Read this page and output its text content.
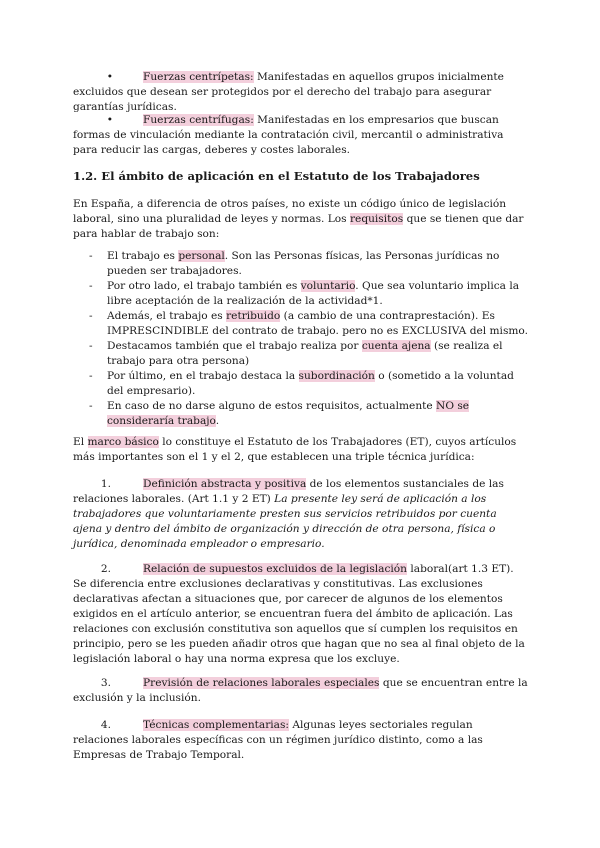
•	Fuerzas centrípetas: Manifestadas en aquellos grupos inicialmente excluidos que desean ser protegidos por el derecho del trabajo para asegurar garantías jurídicas.

•	Fuerzas centrífugas: Manifestadas en los empresarios que buscan formas de vinculación mediante la contratación civil, mercantil o administrativa para reducir las cargas, deberes y costes laborales.

1.2. El ámbito de aplicación en el Estatuto de los Trabajadores

En España, a diferencia de otros países, no existe un código único de legislación laboral, sino una pluralidad de leyes y normas. Los requisitos que se tienen que dar para hablar de trabajo son:

- El trabajo es personal. Son las Personas físicas, las Personas jurídicas no pueden ser trabajadores.
- Por otro lado, el trabajo también es voluntario. Que sea voluntario implica la libre aceptación de la realización de la actividad*1.
- Además, el trabajo es retribuido (a cambio de una contraprestación). Es IMPRESCINDIBLE del contrato de trabajo. pero no es EXCLUSIVA del mismo.
- Destacamos también que el trabajo realiza por cuenta ajena (se realiza el trabajo para otra persona)
- Por último, en el trabajo destaca la subordinación o (sometido a la voluntad del empresario).
- En caso de no darse alguno de estos requisitos, actualmente NO se consideraría trabajo.

El marco básico lo constituye el Estatuto de los Trabajadores (ET), cuyos artículos más importantes son el 1 y el 2, que establecen una triple técnica jurídica:

1.	Definición abstracta y positiva de los elementos sustanciales de las relaciones laborales. (Art 1.1 y 2 ET) La presente ley será de aplicación a los trabajadores que voluntariamente presten sus servicios retribuidos por cuenta ajena y dentro del ámbito de organización y dirección de otra persona, física o jurídica, denominada empleador o empresario.

2.	Relación de supuestos excluidos de la legislación laboral(art 1.3 ET). Se diferencia entre exclusiones declarativas y constitutivas. Las exclusiones declarativas afectan a situaciones que, por carecer de algunos de los elementos exigidos en el artículo anterior, se encuentran fuera del ámbito de aplicación. Las relaciones con exclusión constitutiva son aquellos que sí cumplen los requisitos en principio, pero se les pueden añadir otros que hagan que no sea al final objeto de la legislación laboral o hay una norma expresa que los excluye.

3.	Previsión de relaciones laborales especiales que se encuentran entre la exclusión y la inclusión.

4.	Técnicas complementarias: Algunas leyes sectoriales regulan relaciones laborales específicas con un régimen jurídico distinto, como a las Empresas de Trabajo Temporal.
